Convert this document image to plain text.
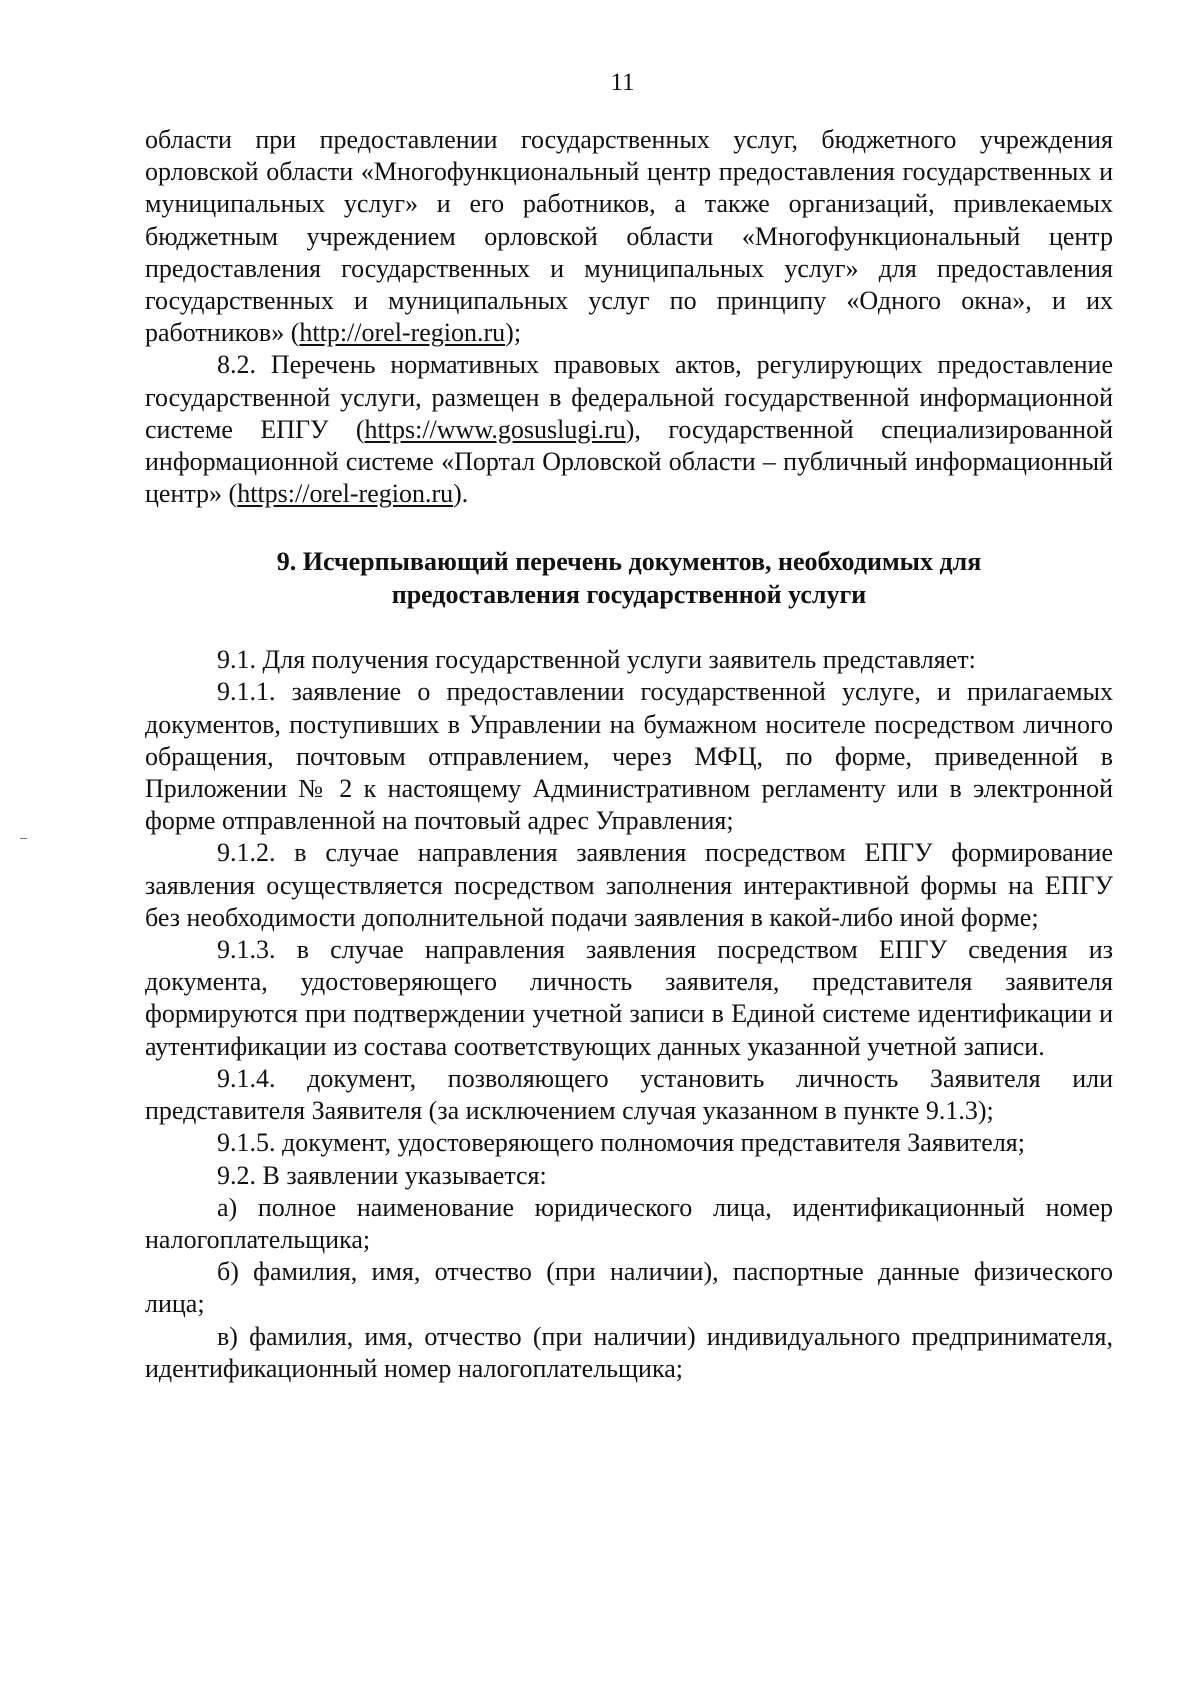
11

области при предоставлении государственных услуг, бюджетного учреждения орловской области «Многофункциональный центр предоставления государственных и муниципальных услуг» и его работников, а также организаций, привлекаемых бюджетным учреждением орловской области «Многофункциональный центр предоставления государственных и муниципальных услуг» для предоставления государственных и муниципальных услуг по принципу «Одного окна», и их работников» (http://orel-region.ru);

8.2. Перечень нормативных правовых актов, регулирующих предоставление государственной услуги, размещен в федеральной государственной информационной системе ЕПГУ (https://www.gosuslugi.ru), государственной специализированной информационной системе «Портал Орловской области – публичный информационный центр» (https://orel-region.ru).

9. Исчерпывающий перечень документов, необходимых для
предоставления государственной услуги

9.1. Для получения государственной услуги заявитель представляет:

9.1.1. заявление о предоставлении государственной услуге, и прилагаемых документов, поступивших в Управлении на бумажном носителе посредством личного обращения, почтовым отправлением, через МФЦ, по форме, приведенной в Приложении № 2 к настоящему Административном регламенту или в электронной форме отправленной на почтовый адрес Управления;

9.1.2. в случае направления заявления посредством ЕПГУ формирование заявления осуществляется посредством заполнения интерактивной формы на ЕПГУ без необходимости дополнительной подачи заявления в какой-либо иной форме;

9.1.3. в случае направления заявления посредством ЕПГУ сведения из документа, удостоверяющего личность заявителя, представителя заявителя формируются при подтверждении учетной записи в Единой системе идентификации и аутентификации из состава соответствующих данных указанной учетной записи.

9.1.4. документ, позволяющего установить личность Заявителя или представителя Заявителя (за исключением случая указанном в пункте 9.1.3);

9.1.5. документ, удостоверяющего полномочия представителя Заявителя;

9.2. В заявлении указывается:

а) полное наименование юридического лица, идентификационный номер налогоплательщика;

б) фамилия, имя, отчество (при наличии), паспортные данные физического лица;

в) фамилия, имя, отчество (при наличии) индивидуального предпринимателя, идентификационный номер налогоплательщика;
